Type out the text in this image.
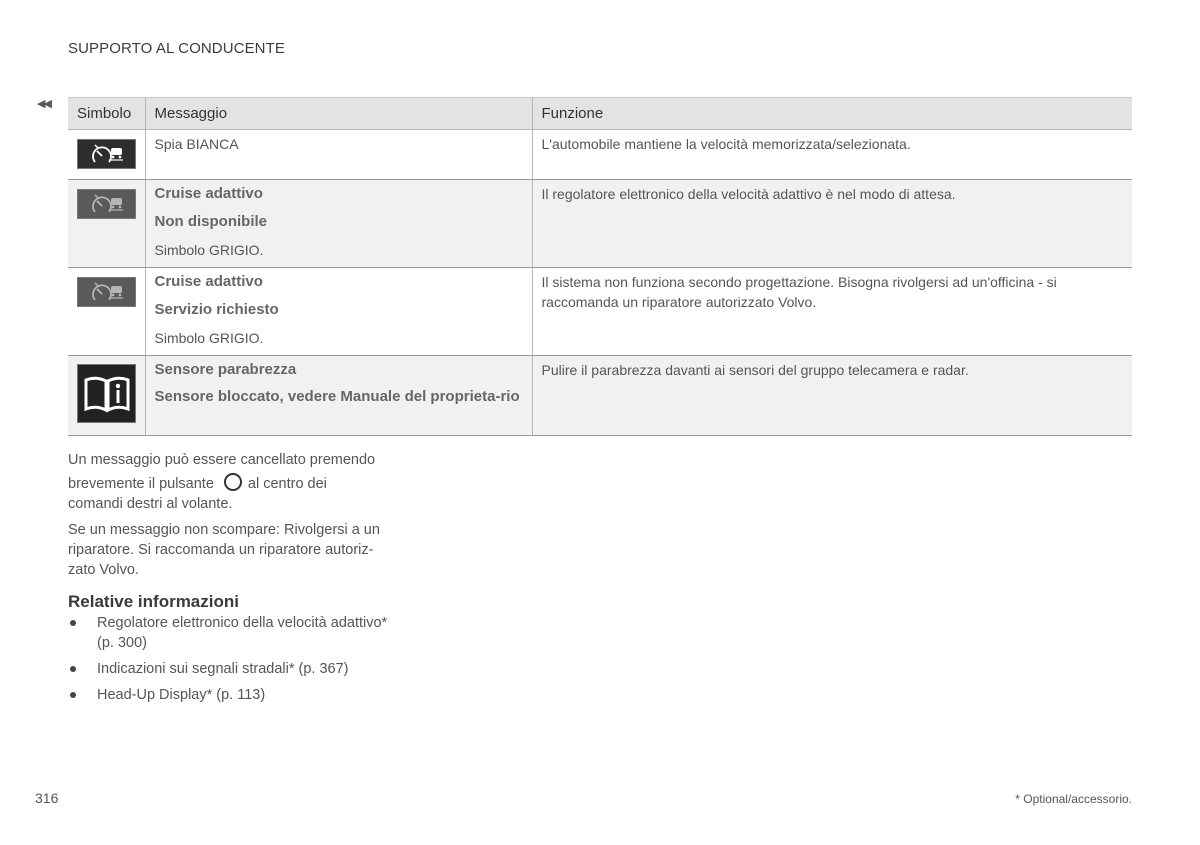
SUPPORTO AL CONDUCENTE
◀◀
Simbolo	Messaggio	Funzione

Spia BIANCA	L'automobile mantiene la velocità memorizzata/selezionata.

Cruise adattivo

Non disponibile

Simbolo GRIGIO.	Il regolatore elettronico della velocità adattivo è nel modo di attesa.

Cruise adattivo

Servizio richiesto

Simbolo GRIGIO.	Il sistema non funziona secondo progettazione. Bisogna rivolgersi ad un'officina - si raccomanda un riparatore autorizzato Volvo.

Sensore parabrezza

Sensore bloccato, vedere Manuale del proprieta-rio	Pulire il parabrezza davanti ai sensori del gruppo telecamera e radar.
Un messaggio può essere cancellato premendo
brevemente il pulsante al centro dei
comandi destri al volante.
Se un messaggio non scompare: Rivolgersi a un riparatore. Si raccomanda un riparatore autoriz-zato Volvo.
Relative informazioni
Regolatore elettronico della velocità adattivo* (p. 300)
Indicazioni sui segnali stradali* (p. 367)
Head-Up Display* (p. 113)
316	* Optional/accessorio.
